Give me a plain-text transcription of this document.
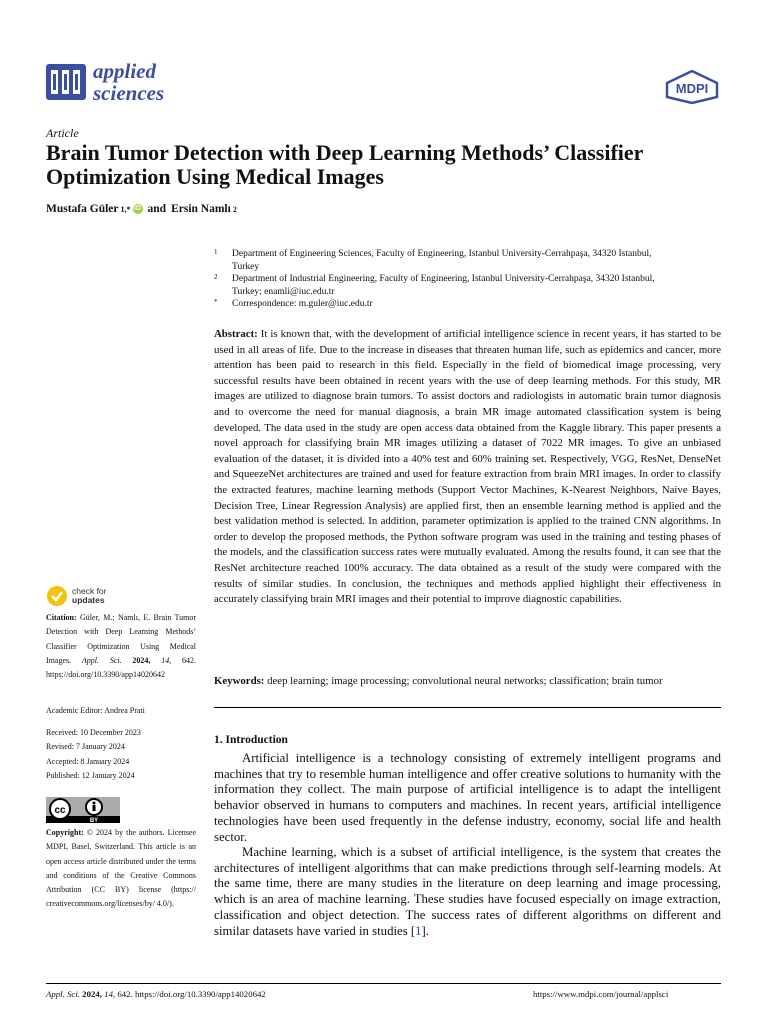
applied
sciences	MDPI
Article
Brain Tumor Detection with Deep Learning Methods’ Classifier Optimization Using Medical Images
Mustafa Güler 1,* iD and Ersin Namlı 2
1 Department of Engineering Sciences, Faculty of Engineering, Istanbul University-Cerrahpaşa, 34320 Istanbul, Turkey
2 Department of Industrial Engineering, Faculty of Engineering, Istanbul University-Cerrahpaşa, 34320 Istanbul, Turkey; enamli@iuc.edu.tr
* Correspondence: m.guler@iuc.edu.tr
Abstract: It is known that, with the development of artificial intelligence science in recent years, it has started to be used in all areas of life. Due to the increase in diseases that threaten human life, such as epidemics and cancer, more attention has been paid to research in this field. Especially in the field of biomedical image processing, very successful results have been obtained in recent years with the use of deep learning methods. For this study, MR images are utilized to diagnose brain tumors. To assist doctors and radiologists in automatic brain tumor diagnosis and to overcome the need for manual diagnosis, a brain MR image automated classification system is being developed. The data used in the study are open access data obtained from the Kaggle library. This paper presents a novel approach for classifying brain MR images utilizing a dataset of 7022 MR images. To give an unbiased evaluation of the dataset, it is divided into a 40% test and 60% training set. Respectively, VGG, ResNet, DenseNet and SqueezeNet architectures are trained and used for feature extraction from brain MRI images. In order to classify the extracted features, machine learning methods (Support Vector Machines, K-Nearest Neighbors, Naive Bayes, Decision Tree, Linear Regression Analysis) are applied first, then an ensemble learning method is applied and the best validation method is selected. In addition, parameter optimization is applied to the trained CNN algorithms. In order to develop the proposed methods, the Python software program was used in the training and testing phases of the models, and the classification success rates were mutually evaluated. Among the results found, it can see that the ResNet architecture reached 100% accuracy. The data obtained as a result of the study were compared with the results of similar studies. In conclusion, the techniques and methods applied highlight their effectiveness in accurately classifying brain MRI images and their potential to improve diagnostic capabilities.
Keywords: deep learning; image processing; convolutional neural networks; classification; brain tumor
1. Introduction
Artificial intelligence is a technology consisting of extremely intelligent programs and machines that try to resemble human intelligence and offer creative solutions to humanity with the information they collect. The main purpose of artificial intelligence is to adapt the intelligent behavior observed in humans to computers and machines. In recent years, artificial intelligence technologies have been used frequently in the defense industry, economy, social life and health sector.
Machine learning, which is a subset of artificial intelligence, is the system that creates the architectures of intelligent algorithms that can make predictions through self-learning models. At the same time, there are many studies in the literature on deep learning and image processing, which is an area of machine learning. These studies have focused especially on image extraction, classification and object detection. The success rates of different algorithms on different and similar datasets have varied in studies [1].
check for
updates
Citation: Güler, M.; Namlı, E. Brain Tumor Detection with Deep Learning Methods’ Classifier Optimization Using Medical Images. Appl. Sci. 2024, 14, 642. https://doi.org/10.3390/app14020642
Academic Editor: Andrea Prati
Received: 10 December 2023
Revised: 7 January 2024
Accepted: 8 January 2024
Published: 12 January 2024
cc
BY
Copyright: © 2024 by the authors. Licensee MDPI, Basel, Switzerland. This article is an open access article distributed under the terms and conditions of the Creative Commons Attribution (CC BY) license (https:// creativecommons.org/licenses/by/ 4.0/).
Appl. Sci. 2024, 14, 642. https://doi.org/10.3390/app14020642	https://www.mdpi.com/journal/applsci
